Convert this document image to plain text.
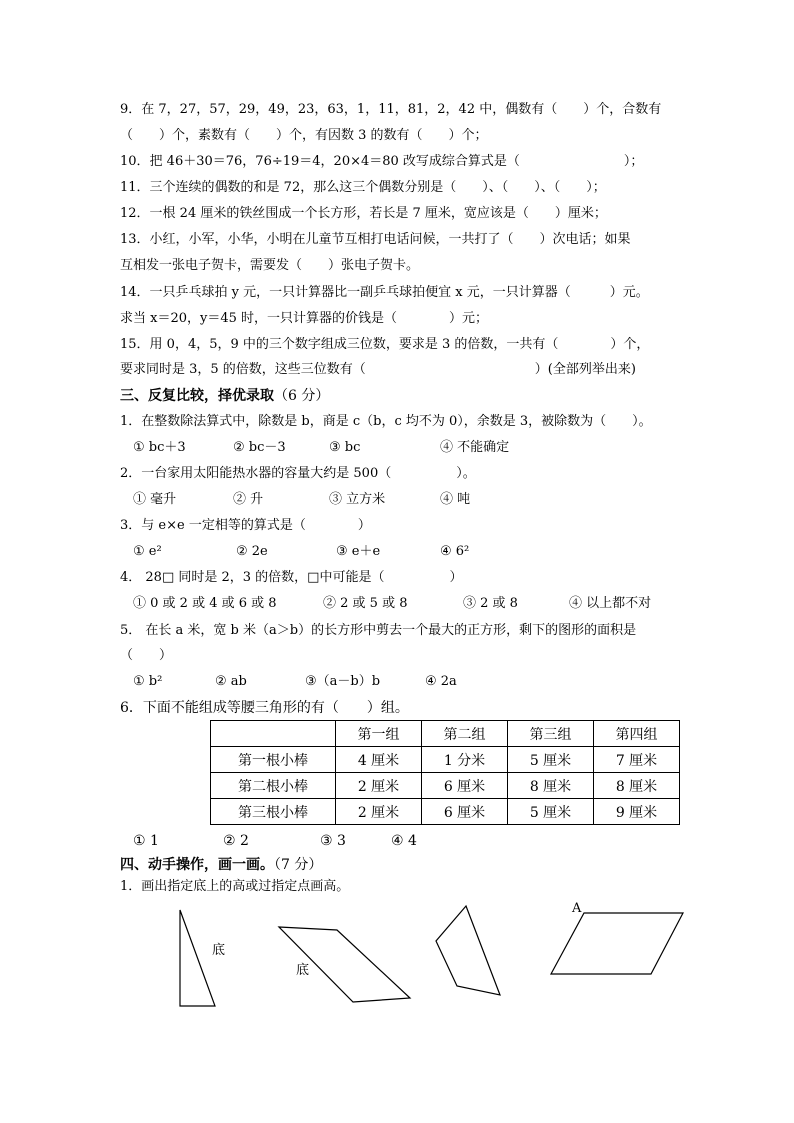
9．在 7，27，57，29，49，23，63，1，11，81，2，42 中，偶数有（　　）个，合数有
（　　）个，素数有（　　）个，有因数 3 的数有（　　）个；
10．把 46＋30＝76，76÷19＝4，20×4＝80 改写成综合算式是（　　　　　　　　）；
11．三个连续的偶数的和是 72，那么这三个偶数分别是（　　）、（　　）、（　　）；
12．一根 24 厘米的铁丝围成一个长方形，若长是 7 厘米，宽应该是（　　）厘米；
13．小红，小军，小华，小明在儿童节互相打电话问候，一共打了（　　）次电话；如果
互相发一张电子贺卡，需要发（　　）张电子贺卡。
14．一只乒乓球拍 y 元，一只计算器比一副乒乓球拍便宜 x 元，一只计算器（　　　）元。
求当 x＝20，y＝45 时，一只计算器的价钱是（　　　　）元；
15．用 0，4，5，9 中的三个数字组成三位数，要求是 3 的倍数，一共有（　　　　）个，
要求同时是 3，5 的倍数，这些三位数有（　　　　　　　　　　　　　）(全部列举出来)
三、反复比较，择优录取（6 分）
1．在整数除法算式中，除数是 b，商是 c（b，c 均不为 0），余数是 3，被除数为（　　）。
① bc＋3	② bc－3	③ bc	④ 不能确定
2．一台家用太阳能热水器的容量大约是 500（　　　　　）。
① 毫升	② 升	③ 立方米	④ 吨
3．与 e×e 一定相等的算式是（　　　　）
① e²	② 2e	③ e＋e	④ 6²
4． 28□ 同时是 2，3 的倍数，□中可能是（　　　　　）
① 0 或 2 或 4 或 6 或 8	② 2 或 5 或 8	③ 2 或 8	④ 以上都不对
5． 在长 a 米，宽 b 米（a＞b）的长方形中剪去一个最大的正方形，剩下的图形的面积是
（　　）
① b²	② ab	③（a－b）b	④ 2a
6．下面不能组成等腰三角形的有（　　）组。
	第一组	第二组	第三组	第四组
第一根小棒	4 厘米	1 分米	5 厘米	7 厘米
第二根小棒	2 厘米	6 厘米	8 厘米	8 厘米
第三根小棒	2 厘米	6 厘米	5 厘米	9 厘米
① 1	② 2	③ 3	④ 4
四、动手操作，画一画。（7 分）
1．画出指定底上的高或过指定点画高。
底
底
A
